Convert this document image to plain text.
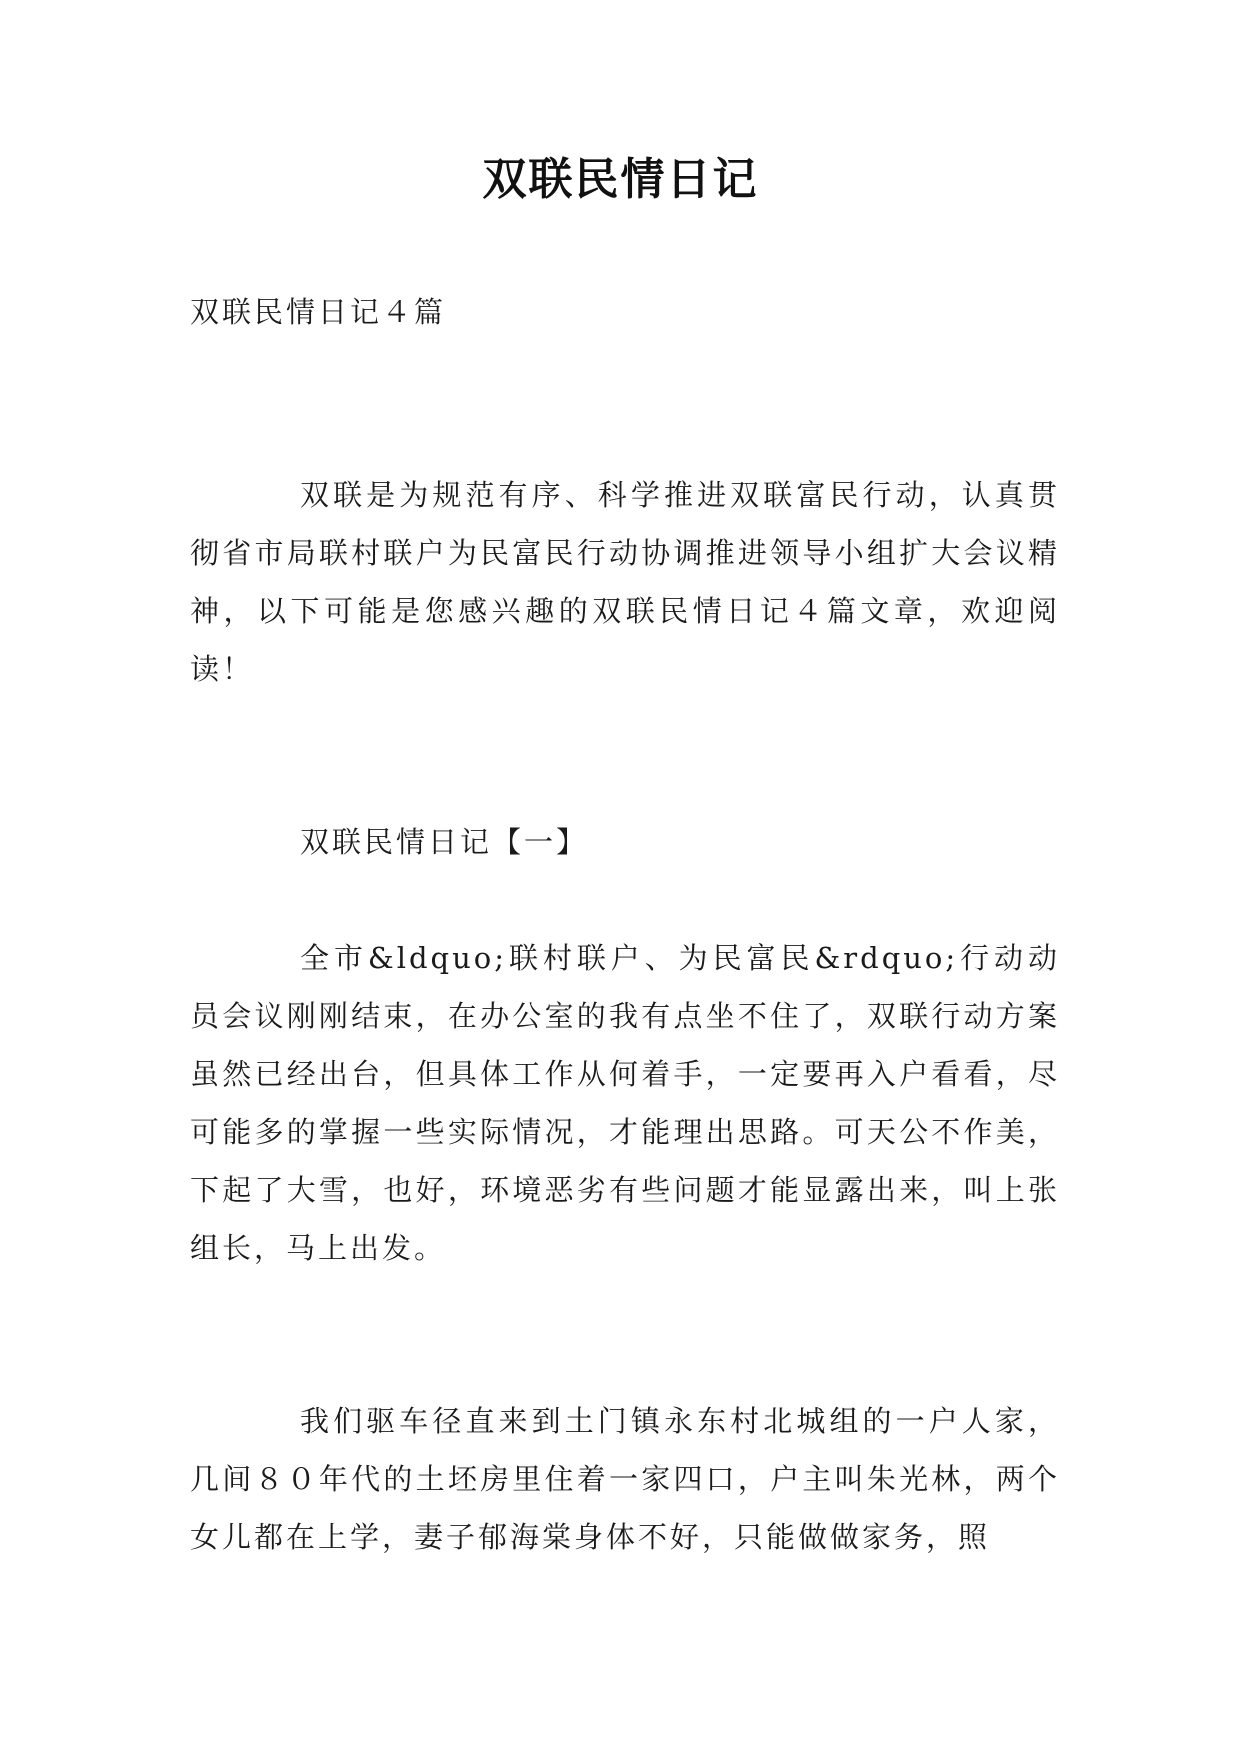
双联民情日记
双联民情日记４篇
双联是为规范有序、科学推进双联富民行动，认真贯彻省市局联村联户为民富民行动协调推进领导小组扩大会议精神，以下可能是您感兴趣的双联民情日记４篇文章，欢迎阅读！
双联民情日记【一】
全市&ldquo;联村联户、为民富民&rdquo;行动动员会议刚刚结束，在办公室的我有点坐不住了，双联行动方案虽然已经出台，但具体工作从何着手，一定要再入户看看，尽可能多的掌握一些实际情况，才能理出思路。可天公不作美，下起了大雪，也好，环境恶劣有些问题才能显露出来，叫上张组长，马上出发。
我们驱车径直来到土门镇永东村北城组的一户人家，几间８０年代的土坯房里住着一家四口，户主叫朱光林，两个女儿都在上学，妻子郁海棠身体不好，只能做做家务，照
